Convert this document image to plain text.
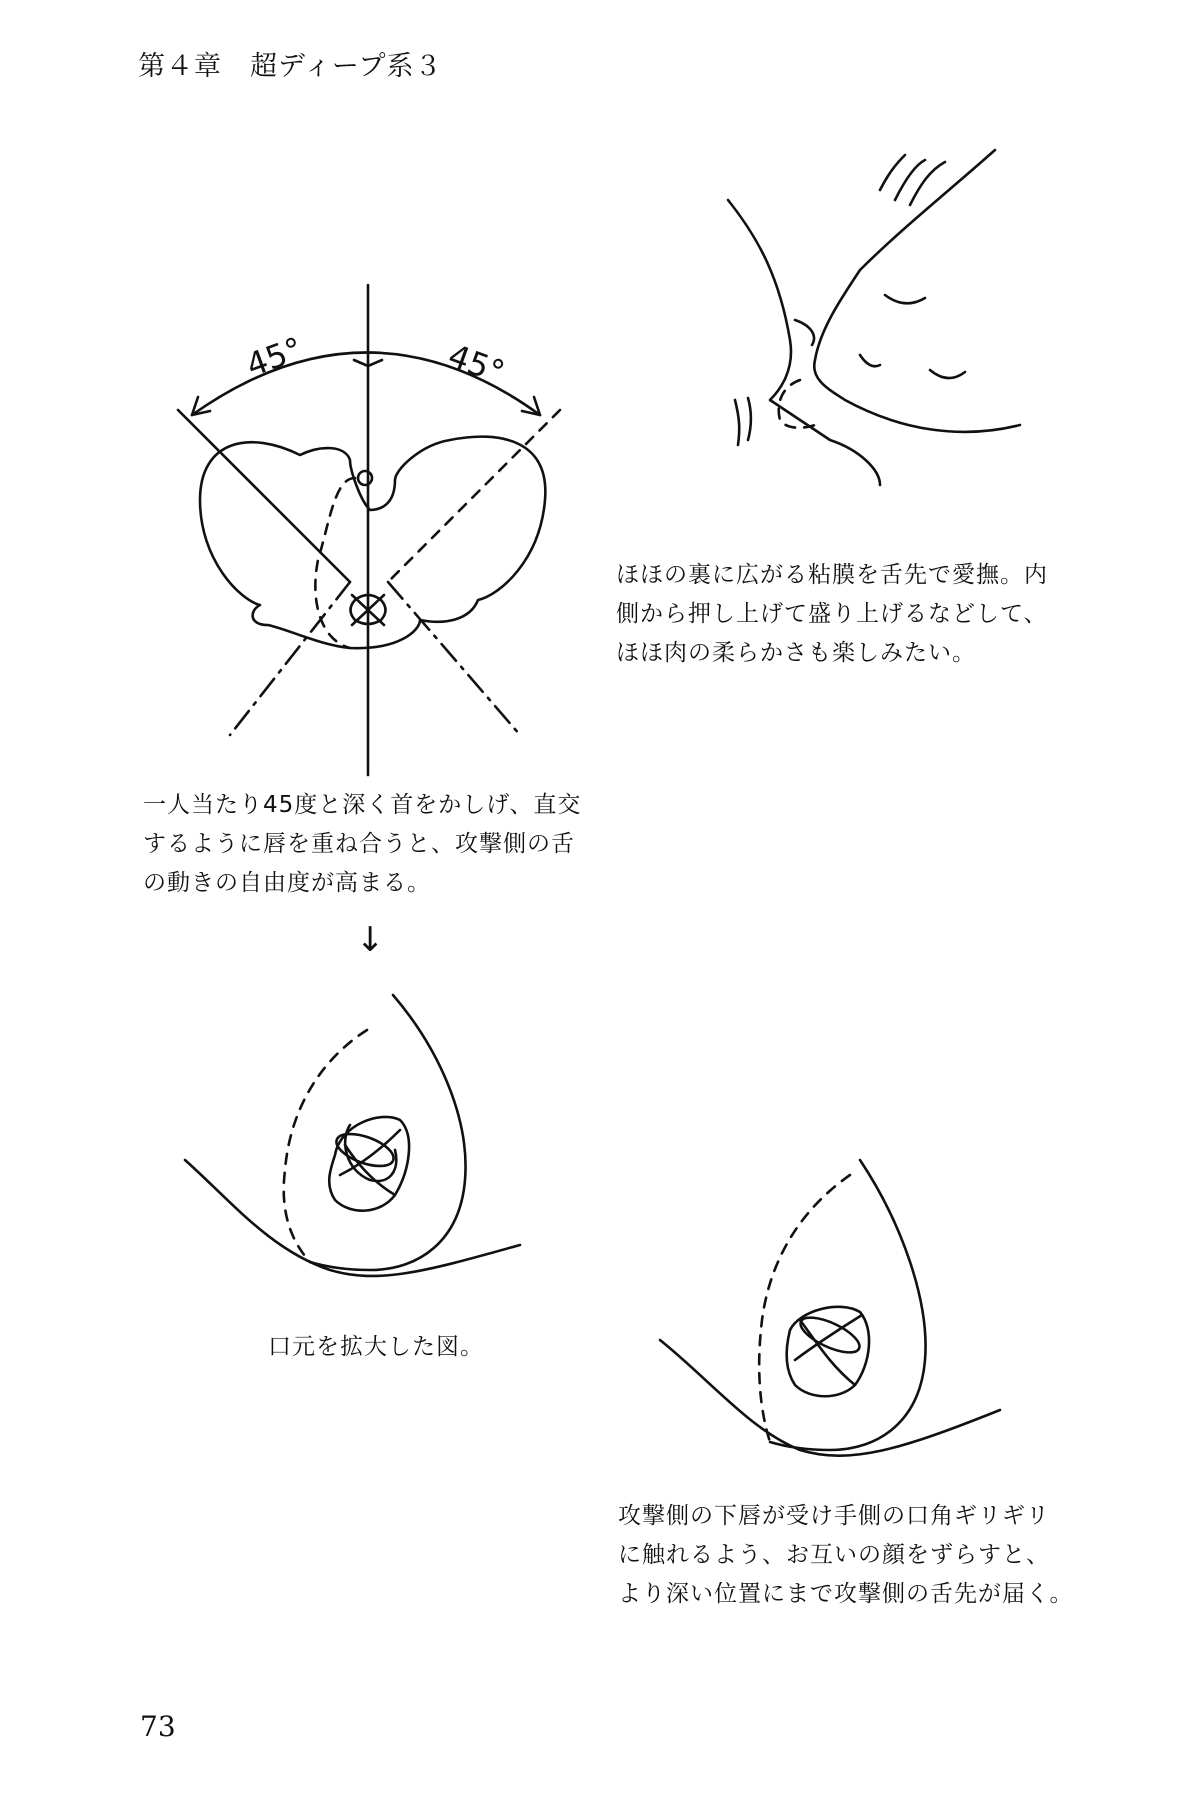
第４章　超ディープ系３
45°	45°
一人当たり45度と深く首をかしげ、直交
するように唇を重ね合うと、攻撃側の舌
の動きの自由度が高まる。
ほほの裏に広がる粘膜を舌先で愛撫。内
側から押し上げて盛り上げるなどして、
ほほ肉の柔らかさも楽しみたい。
↓
口元を拡大した図。
攻撃側の下唇が受け手側の口角ギリギリ
に触れるよう、お互いの顔をずらすと、
より深い位置にまで攻撃側の舌先が届く。
73
